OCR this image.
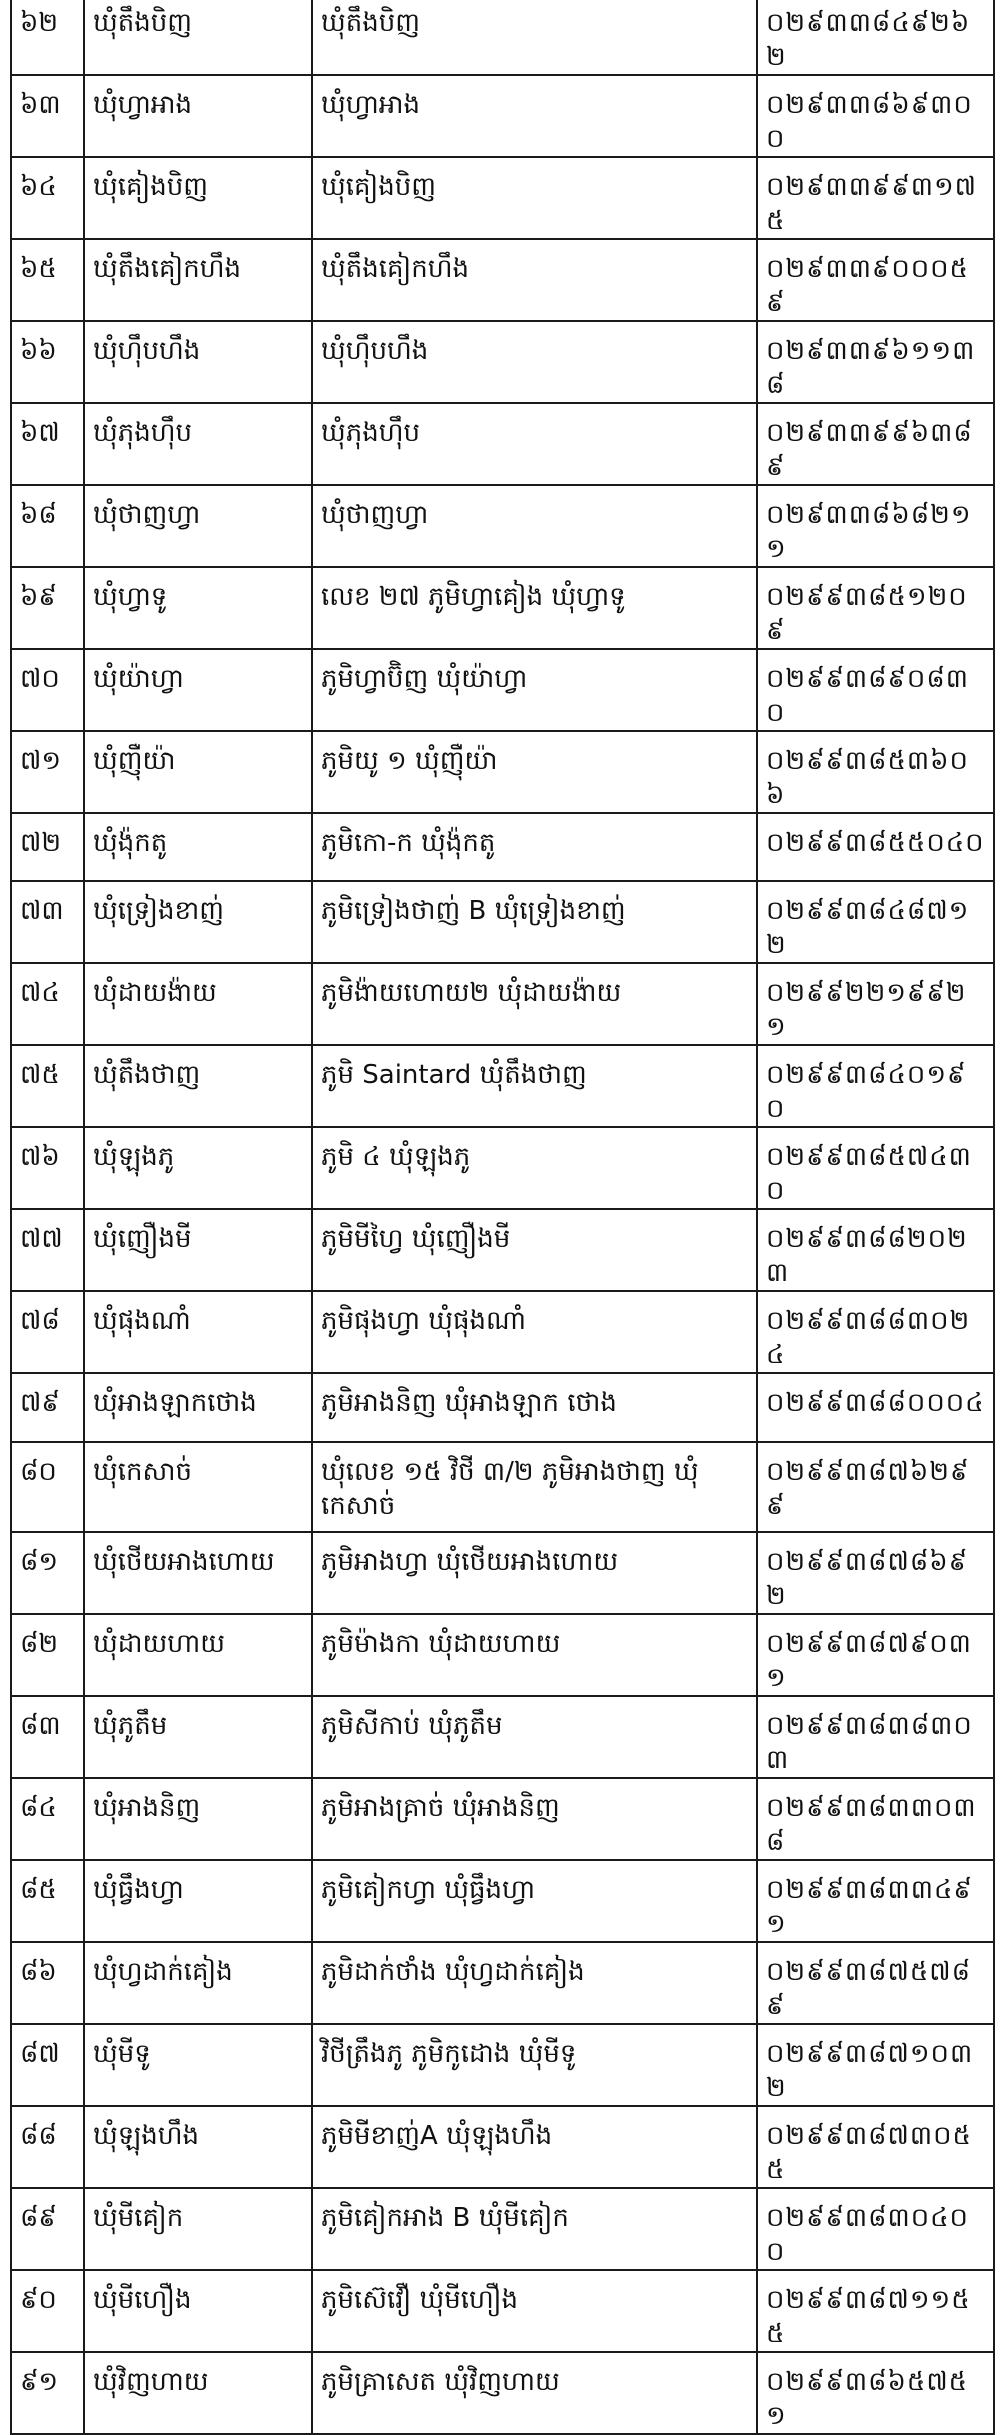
៦២	ឃុំតឹងបិញ	ឃុំតឹងបិញ	០២៩៣៣៨៤៩២៦២
៦៣	ឃុំហ្វាអាង	ឃុំហ្វាអាង	០២៩៣៣៨៦៩៣០០
៦៤	ឃុំគៀងបិញ	ឃុំគៀងបិញ	០២៩៣៣៩៩៣១៧៥
៦៥	ឃុំតឹងគៀកហឹង	ឃុំតឹងគៀកហឹង	០២៩៣៣៩០០០៥៩
៦៦	ឃុំហ៊ឹបហឹង	ឃុំហ៊ឹបហឹង	០២៩៣៣៩៦១១៣៨
៦៧	ឃុំភុងហ៊ឹប	ឃុំភុងហ៊ឹប	០២៩៣៣៩៩៦៣៨៩
៦៨	ឃុំថាញហ្វា	ឃុំថាញហ្វា	០២៩៣៣៨៦៨២១១
៦៩	ឃុំហ្វាទូ	លេខ ២៧ ភូមិហ្វាគៀង ឃុំហ្វាទូ	០២៩៩៣៨៥១២០៩
៧០	ឃុំយ៉ាហ្វា	ភូមិហ្វាប៊ិញ ឃុំយ៉ាហ្វា	០២៩៩៣៨៩០៨៣០
៧១	ឃុំញ៉ឺយ៉ា	ភូមិយូ ១ ឃុំញ៉ឺយ៉ា	០២៩៩៣៨៥៣៦០៦
៧២	ឃុំង៉ុកតូ	ភូមិកោ-ក ឃុំង៉ុកតូ	០២៩៩៣៨៥៥០៤០
៧៣	ឃុំទ្រៀងខាញ់	ភូមិទ្រៀងថាញ់ B ឃុំទ្រៀងខាញ់	០២៩៩៣៨៤៨៧១២
៧៤	ឃុំដាយង៉ាយ	ភូមិង៉ាយហោយ២ ឃុំដាយង៉ាយ	០២៩៩២២១៩៩២១
៧៥	ឃុំតឹងថាញ	ភូមិ Saintard ឃុំតឹងថាញ	០២៩៩៣៨៤០១៩០
៧៦	ឃុំឡុងភូ	ភូមិ ៤ ឃុំឡុងភូ	០២៩៩៣៨៥៧៤៣០
៧៧	ឃុំញឿងមី	ភូមិមីហ្វៃ ឃុំញឿងមី	០២៩៩៣៨៨២០២៣
៧៨	ឃុំផុងណាំ	ភូមិផុងហ្វា ឃុំផុងណាំ	០២៩៩៣៨៨៣០២៤
៧៩	ឃុំអាងឡាកថោង	ភូមិអាងនិញ ឃុំអាងឡាក ថោង	០២៩៩៣៨៨០០០៤
៨០	ឃុំកេសាច់	ឃុំលេខ ១៥ វិថី ៣/២ ភូមិអាងថាញ ឃុំកេសាច់	០២៩៩៣៨៧៦២៩៩
៨១	ឃុំថើយអាងហោយ	ភូមិអាងហ្វា ឃុំថើយអាងហោយ	០២៩៩៣៨៧៨៦៩២
៨២	ឃុំដាយហាយ	ភូមិម៉ាងកា ឃុំដាយហាយ	០២៩៩៣៨៧៩០៣១
៨៣	ឃុំភូតឹម	ភូមិសីកាប់ ឃុំភូតឹម	០២៩៩៣៨៣៨៣០៣
៨៤	ឃុំអាងនិញ	ភូមិអាងគ្រាច់ ឃុំអាងនិញ	០២៩៩៣៨៣៣០៣៨
៨៥	ឃុំធ្វឹងហ្វា	ភូមិគៀកហ្វា ឃុំធ្វឹងហ្វា	០២៩៩៣៨៣៣៤៩១
៨៦	ឃុំហ្វដាក់គៀង	ភូមិដាក់ថាំង ឃុំហ្វដាក់គៀង	០២៩៩៣៨៧៥៧៨៩
៨៧	ឃុំមីទូ	វិថីត្រឹងភូ ភូមិកូដោង ឃុំមីទូ	០២៩៩៣៨៧១០៣២
៨៨	ឃុំឡុងហឹង	ភូមិមីខាញ់A ឃុំឡុងហឹង	០២៩៩៣៨៧៣០៥៥
៨៩	ឃុំមីគៀក	ភូមិគៀកអាង B ឃុំមីគៀក	០២៩៩៣៨៣០៤០០
៩០	ឃុំមីហឿង	ភូមិស៊េវឿ ឃុំមីហឿង	០២៩៩៣៨៧១១៥៥
៩១	ឃុំវិញហាយ	ភូមិគ្រាសេត ឃុំវិញហាយ	០២៩៩៣៨៦៥៧៥១
